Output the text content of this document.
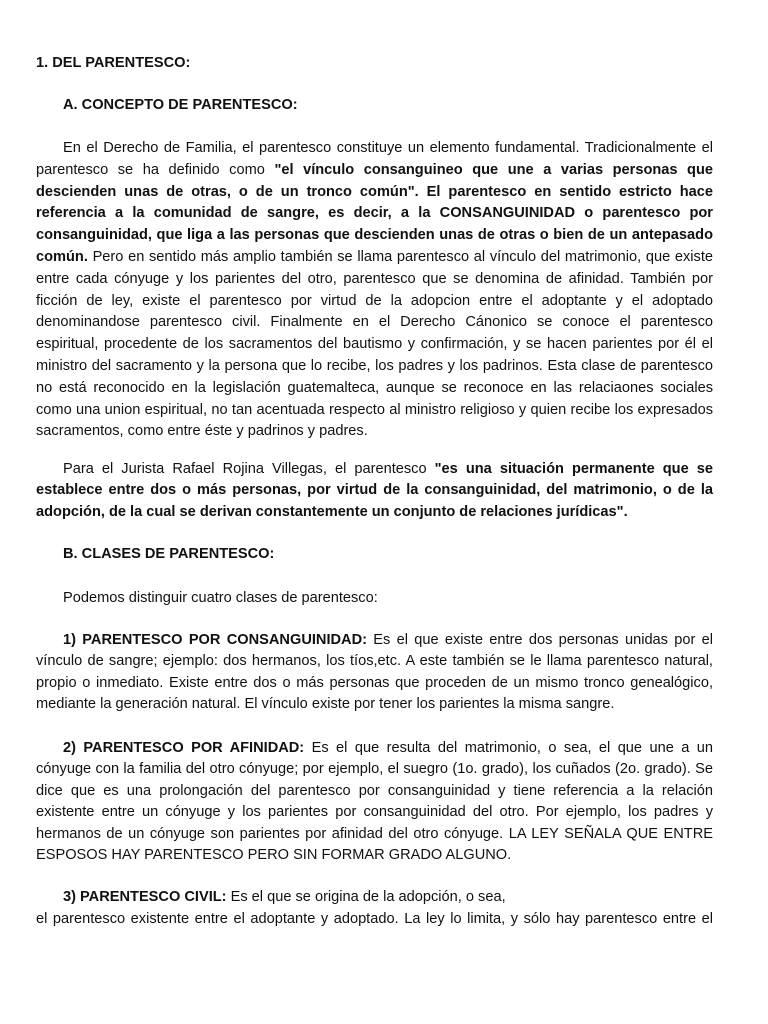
1. DEL PARENTESCO:
A. CONCEPTO DE PARENTESCO:
En el Derecho de Familia, el parentesco constituye un elemento fundamental. Tradicionalmente el
parentesco se ha definido como "el vínculo consanguineo que une a varias personas que
descienden unas de otras, o de un tronco común". El parentesco en sentido estricto hace
referencia a la comunidad de sangre, es decir, a la CONSANGUINIDAD o parentesco por
consanguinidad, que liga a las personas que descienden unas de otras o bien de un antepasado
común. Pero en sentido más amplio también se llama parentesco al vínculo del matrimonio, que existe
entre cada cónyuge y los parientes del otro, parentesco que se denomina de afinidad. También por
ficción de ley, existe el parentesco por virtud de la adopcion entre el adoptante y el adoptado
denominandose parentesco civil. Finalmente en el Derecho Cánonico se conoce el parentesco
espiritual, procedente de los sacramentos del bautismo y confirmación, y se hacen parientes por él el
ministro del sacramento y la persona que lo recibe, los padres y los padrinos. Esta clase de parentesco
no está reconocido en la legislación guatemalteca, aunque se reconoce en las relaciaones sociales
como una union espiritual, no tan acentuada respecto al ministro religioso y quien recibe los expresados
sacramentos, como entre éste y padrinos y padres.
Para el Jurista Rafael Rojina Villegas, el parentesco "es una situación permanente que se
establece entre dos o más personas, por virtud de la consanguinidad, del matrimonio, o de la
adopción, de la cual se derivan constantemente un conjunto de relaciones jurídicas".
B. CLASES DE PARENTESCO:
Podemos distinguir cuatro clases de parentesco:
1) PARENTESCO POR CONSANGUINIDAD: Es el que existe entre dos personas unidas por el
vínculo de sangre; ejemplo: dos hermanos, los tíos,etc. A este también se le llama parentesco natural,
propio o inmediato. Existe entre dos o más personas que proceden de un mismo tronco genealógico,
mediante la generación natural. El vínculo existe por tener los parientes la misma sangre.
2) PARENTESCO POR AFINIDAD: Es el que resulta del matrimonio, o sea, el que une a un
cónyuge con la familia del otro cónyuge; por ejemplo, el suegro (1o. grado), los cuñados (2o. grado). Se
dice que es una prolongación del parentesco por consanguinidad y tiene referencia a la relación
existente entre un cónyuge y los parientes por consanguinidad del otro. Por ejemplo, los padres y
hermanos de un cónyuge son parientes por afinidad del otro cónyuge. LA LEY SEÑALA QUE ENTRE
ESPOSOS HAY PARENTESCO PERO SIN FORMAR GRADO ALGUNO.
3) PARENTESCO CIVIL: Es el que se origina de la adopción, o sea,
el parentesco existente entre el adoptante y adoptado. La ley lo limita, y sólo hay parentesco entre el
